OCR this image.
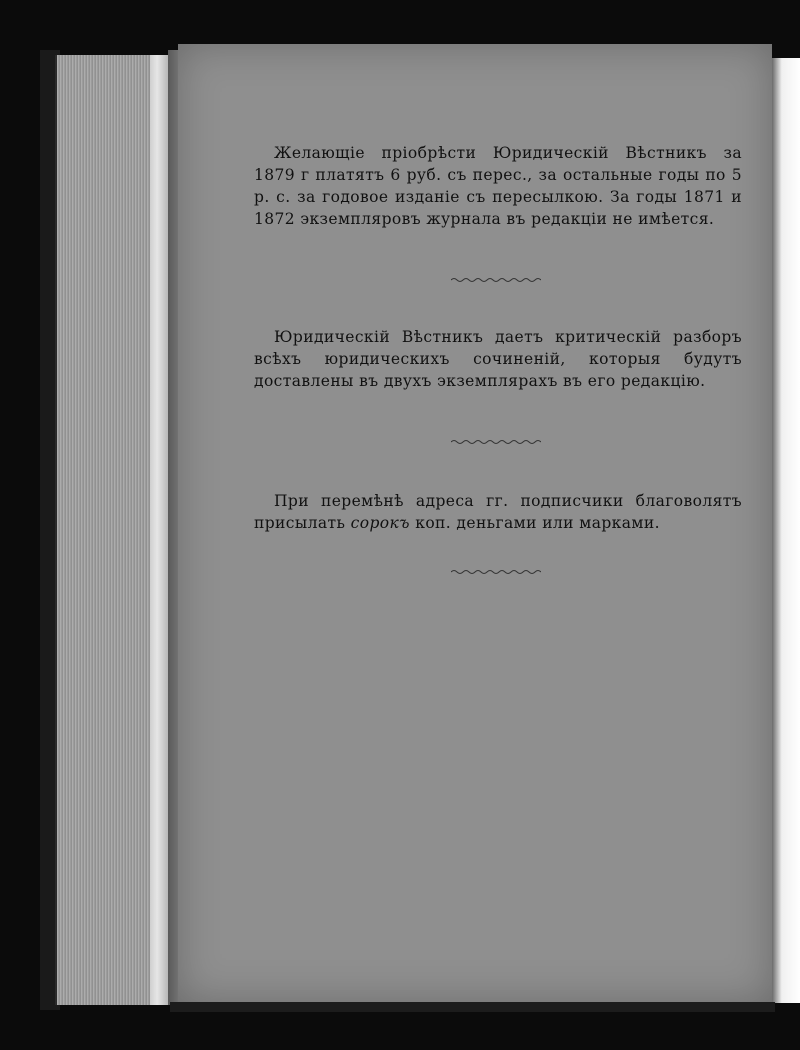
Желающіе пріобрѣсти Юридическій Вѣстникъ за 1879 г платятъ 6 руб. съ перес., за остальные годы по 5 р. с. за годовое изданіе съ пересылкою. За годы 1871 и 1872 экземпляровъ журнала въ редакціи не имѣется.
Юридическій Вѣстникъ даетъ критическій разборъ всѣхъ юридическихъ сочиненій, которыя будутъ доставлены въ двухъ экземплярахъ въ его редакцію.
При перемѣнѣ адреса гг. подписчики благоволятъ присылать сорокъ коп. деньгами или марками.
